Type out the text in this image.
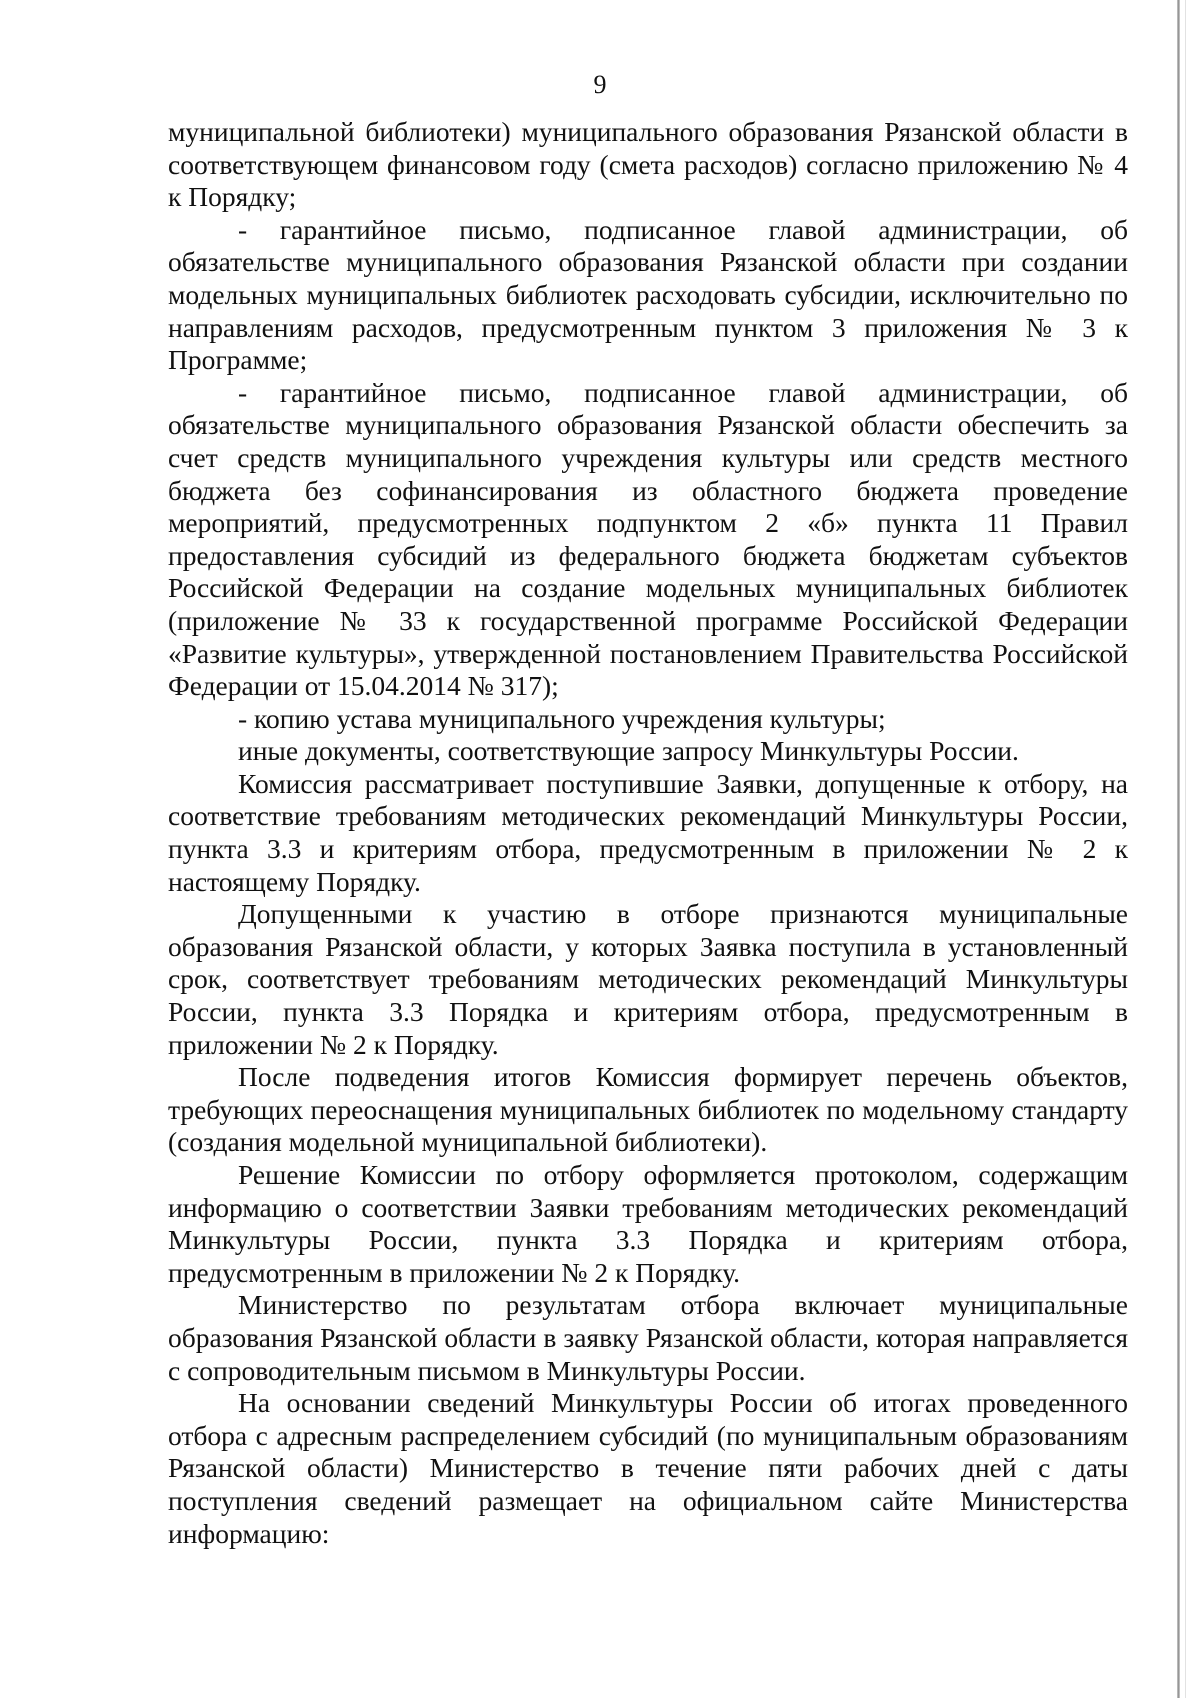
9

муниципальной библиотеки) муниципального образования Рязанской области в соответствующем финансовом году (смета расходов) согласно приложению № 4 к Порядку;

- гарантийное письмо, подписанное главой администрации, об обязательстве муниципального образования Рязанской области при создании модельных муниципальных библиотек расходовать субсидии, исключительно по направлениям расходов, предусмотренным пунктом 3 приложения № 3 к Программе;

- гарантийное письмо, подписанное главой администрации, об обязательстве муниципального образования Рязанской области обеспечить за счет средств муниципального учреждения культуры или средств местного бюджета без софинансирования из областного бюджета проведение мероприятий, предусмотренных подпунктом 2 «б» пункта 11 Правил предоставления субсидий из федерального бюджета бюджетам субъектов Российской Федерации на создание модельных муниципальных библиотек (приложение № 33 к государственной программе Российской Федерации «Развитие культуры», утвержденной постановлением Правительства Российской Федерации от 15.04.2014 № 317);

- копию устава муниципального учреждения культуры;

иные документы, соответствующие запросу Минкультуры России.

Комиссия рассматривает поступившие Заявки, допущенные к отбору, на соответствие требованиям методических рекомендаций Минкультуры России, пункта 3.3 и критериям отбора, предусмотренным в приложении № 2 к настоящему Порядку.

Допущенными к участию в отборе признаются муниципальные образования Рязанской области, у которых Заявка поступила в установленный срок, соответствует требованиям методических рекомендаций Минкультуры России, пункта 3.3 Порядка и критериям отбора, предусмотренным в приложении № 2 к Порядку.

После подведения итогов Комиссия формирует перечень объектов, требующих переоснащения муниципальных библиотек по модельному стандарту (создания модельной муниципальной библиотеки).

Решение Комиссии по отбору оформляется протоколом, содержащим информацию о соответствии Заявки требованиям методических рекомендаций Минкультуры России, пункта 3.3 Порядка и критериям отбора, предусмотренным в приложении № 2 к Порядку.

Министерство по результатам отбора включает муниципальные образования Рязанской области в заявку Рязанской области, которая направляется с сопроводительным письмом в Минкультуры России.

На основании сведений Минкультуры России об итогах проведенного отбора с адресным распределением субсидий (по муниципальным образованиям Рязанской области) Министерство в течение пяти рабочих дней с даты поступления сведений размещает на официальном сайте Министерства информацию:
